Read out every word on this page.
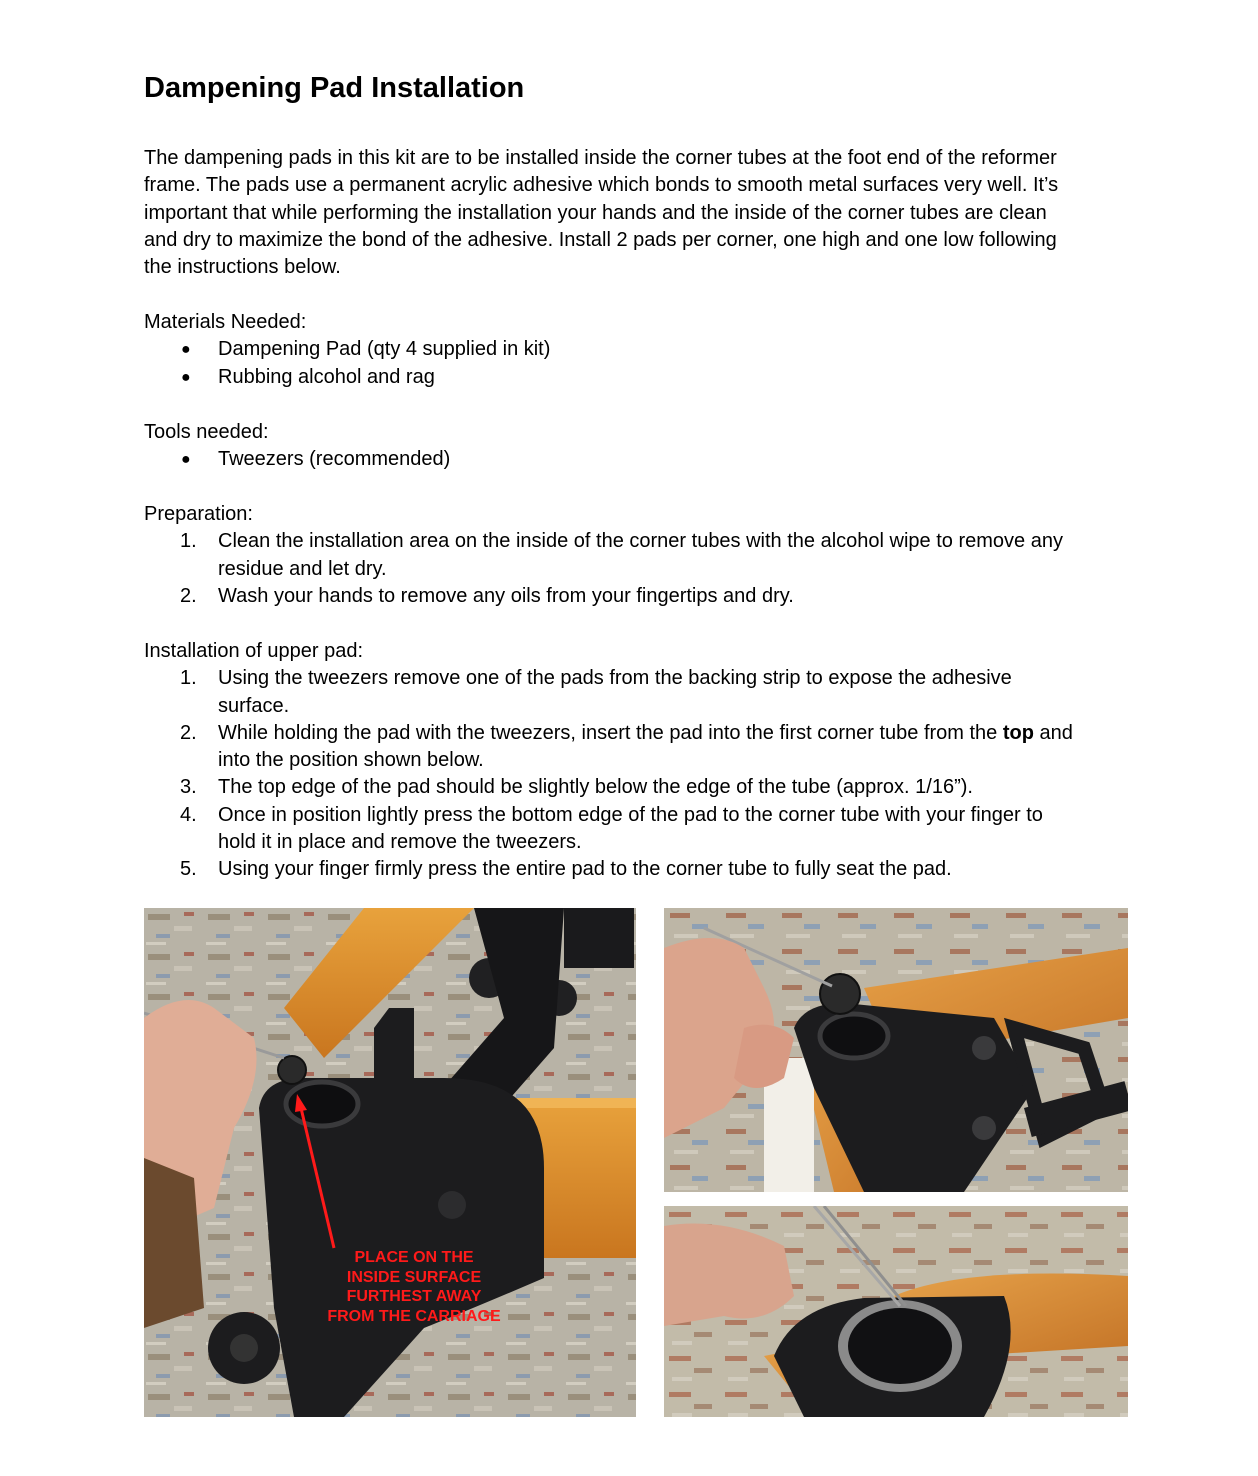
Dampening Pad Installation

The dampening pads in this kit are to be installed inside the corner tubes at the foot end of the reformer
frame. The pads use a permanent acrylic adhesive which bonds to smooth metal surfaces very well. It’s
important that while performing the installation your hands and the inside of the corner tubes are clean
and dry to maximize the bond of the adhesive. Install 2 pads per corner, one high and one low following
the instructions below.

Materials Needed:

●	Dampening Pad (qty 4 supplied in kit)
●	Rubbing alcohol and rag

Tools needed:

●	Tweezers (recommended)

Preparation:

1.	Clean the installation area on the inside of the corner tubes with the alcohol wipe to remove any
residue and let dry.
2.	Wash your hands to remove any oils from your fingertips and dry.

Installation of upper pad:

1.	Using the tweezers remove one of the pads from the backing strip to expose the adhesive
surface.
2.	While holding the pad with the tweezers, insert the pad into the first corner tube from the top and
into the position shown below.
3.	The top edge of the pad should be slightly below the edge of the tube (approx. 1/16”).
4.	Once in position lightly press the bottom edge of the pad to the corner tube with your finger to
hold it in place and remove the tweezers.
5.	Using your finger firmly press the entire pad to the corner tube to fully seat the pad.
PLACE ON THE
INSIDE SURFACE
FURTHEST AWAY
FROM THE CARRIAGE
